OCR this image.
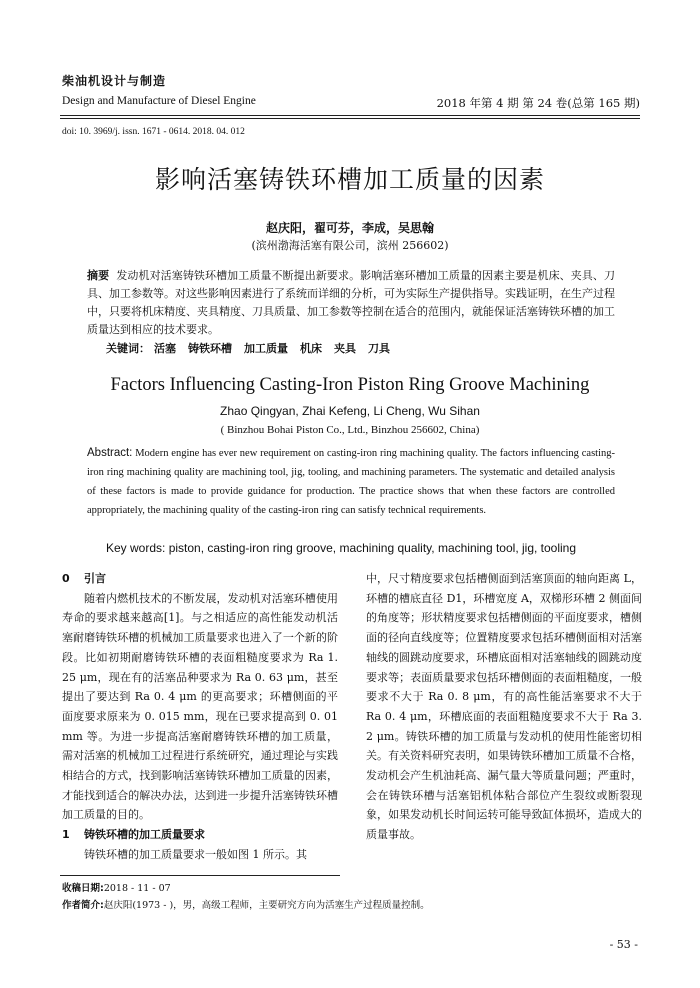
柴油机设计与制造
Design and Manufacture of Diesel Engine	2018 年第 4 期 第 24 卷(总第 165 期)
doi: 10. 3969/j. issn. 1671 - 0614. 2018. 04. 012
影响活塞铸铁环槽加工质量的因素
赵庆阳，翟可芬，李成，吴思翰
(滨州渤海活塞有限公司，滨州 256602)
摘要 发动机对活塞铸铁环槽加工质量不断提出新要求。影响活塞环槽加工质量的因素主要是机床、夹具、刀具、加工参数等。对这些影响因素进行了系统而详细的分析，可为实际生产提供指导。实践证明，在生产过程中，只要将机床精度、夹具精度、刀具质量、加工参数等控制在适合的范围内，就能保证活塞铸铁环槽的加工质量达到相应的技术要求。
关键词： 活塞 铸铁环槽 加工质量 机床 夹具 刀具
Factors Influencing Casting-Iron Piston Ring Groove Machining
Zhao Qingyan, Zhai Kefeng, Li Cheng, Wu Sihan
( Binzhou Bohai Piston Co., Ltd., Binzhou 256602, China)
Abstract: Modern engine has ever new requirement on casting-iron ring machining quality. The factors influencing casting-iron ring machining quality are machining tool, jig, tooling, and machining parameters. The systematic and detailed analysis of these factors is made to provide guidance for production. The practice shows that when these factors are controlled appropriately, the machining quality of the casting-iron ring can satisfy technical requirements.
Key words: piston, casting-iron ring groove, machining quality, machining tool, jig, tooling

0 引言

随着内燃机技术的不断发展，发动机对活塞环槽使用寿命的要求越来越高[1]。与之相适应的高性能发动机活塞耐磨铸铁环槽的机械加工质量要求也进入了一个新的阶段。比如初期耐磨铸铁环槽的表面粗糙度要求为 Ra 1. 25 μm，现在有的活塞品种要求为 Ra 0. 63 μm，甚至提出了要达到 Ra 0. 4 μm 的更高要求；环槽侧面的平面度要求原来为 0. 015 mm，现在已要求提高到 0. 01 mm 等。为进一步提高活塞耐磨铸铁环槽的加工质量，需对活塞的机械加工过程进行系统研究，通过理论与实践相结合的方式，找到影响活塞铸铁环槽加工质量的因素，才能找到适合的解决办法，达到进一步提升活塞铸铁环槽加工质量的目的。

1 铸铁环槽的加工质量要求

铸铁环槽的加工质量要求一般如图 1 所示。其

中，尺寸精度要求包括槽侧面到活塞顶面的轴向距离 L，环槽的槽底直径 D1，环槽宽度 A，双梯形环槽 2 侧面间的角度等；形状精度要求包括槽侧面的平面度要求，槽侧面的径向直线度等；位置精度要求包括环槽侧面相对活塞轴线的圆跳动度要求，环槽底面相对活塞轴线的圆跳动度要求等；表面质量要求包括环槽侧面的表面粗糙度，一般要求不大于 Ra 0. 8 μm，有的高性能活塞要求不大于 Ra 0. 4 μm，环槽底面的表面粗糙度要求不大于 Ra 3. 2 μm。铸铁环槽的加工质量与发动机的使用性能密切相关。有关资料研究表明，如果铸铁环槽加工质量不合格，发动机会产生机油耗高、漏气量大等质量问题；严重时，会在铸铁环槽与活塞铝机体粘合部位产生裂纹或断裂现象，如果发动机长时间运转可能导致缸体损坏，造成大的质量事故。

收稿日期:2018 - 11 - 07
作者简介:赵庆阳(1973 - )，男，高级工程师，主要研究方向为活塞生产过程质量控制。
- 53 -
